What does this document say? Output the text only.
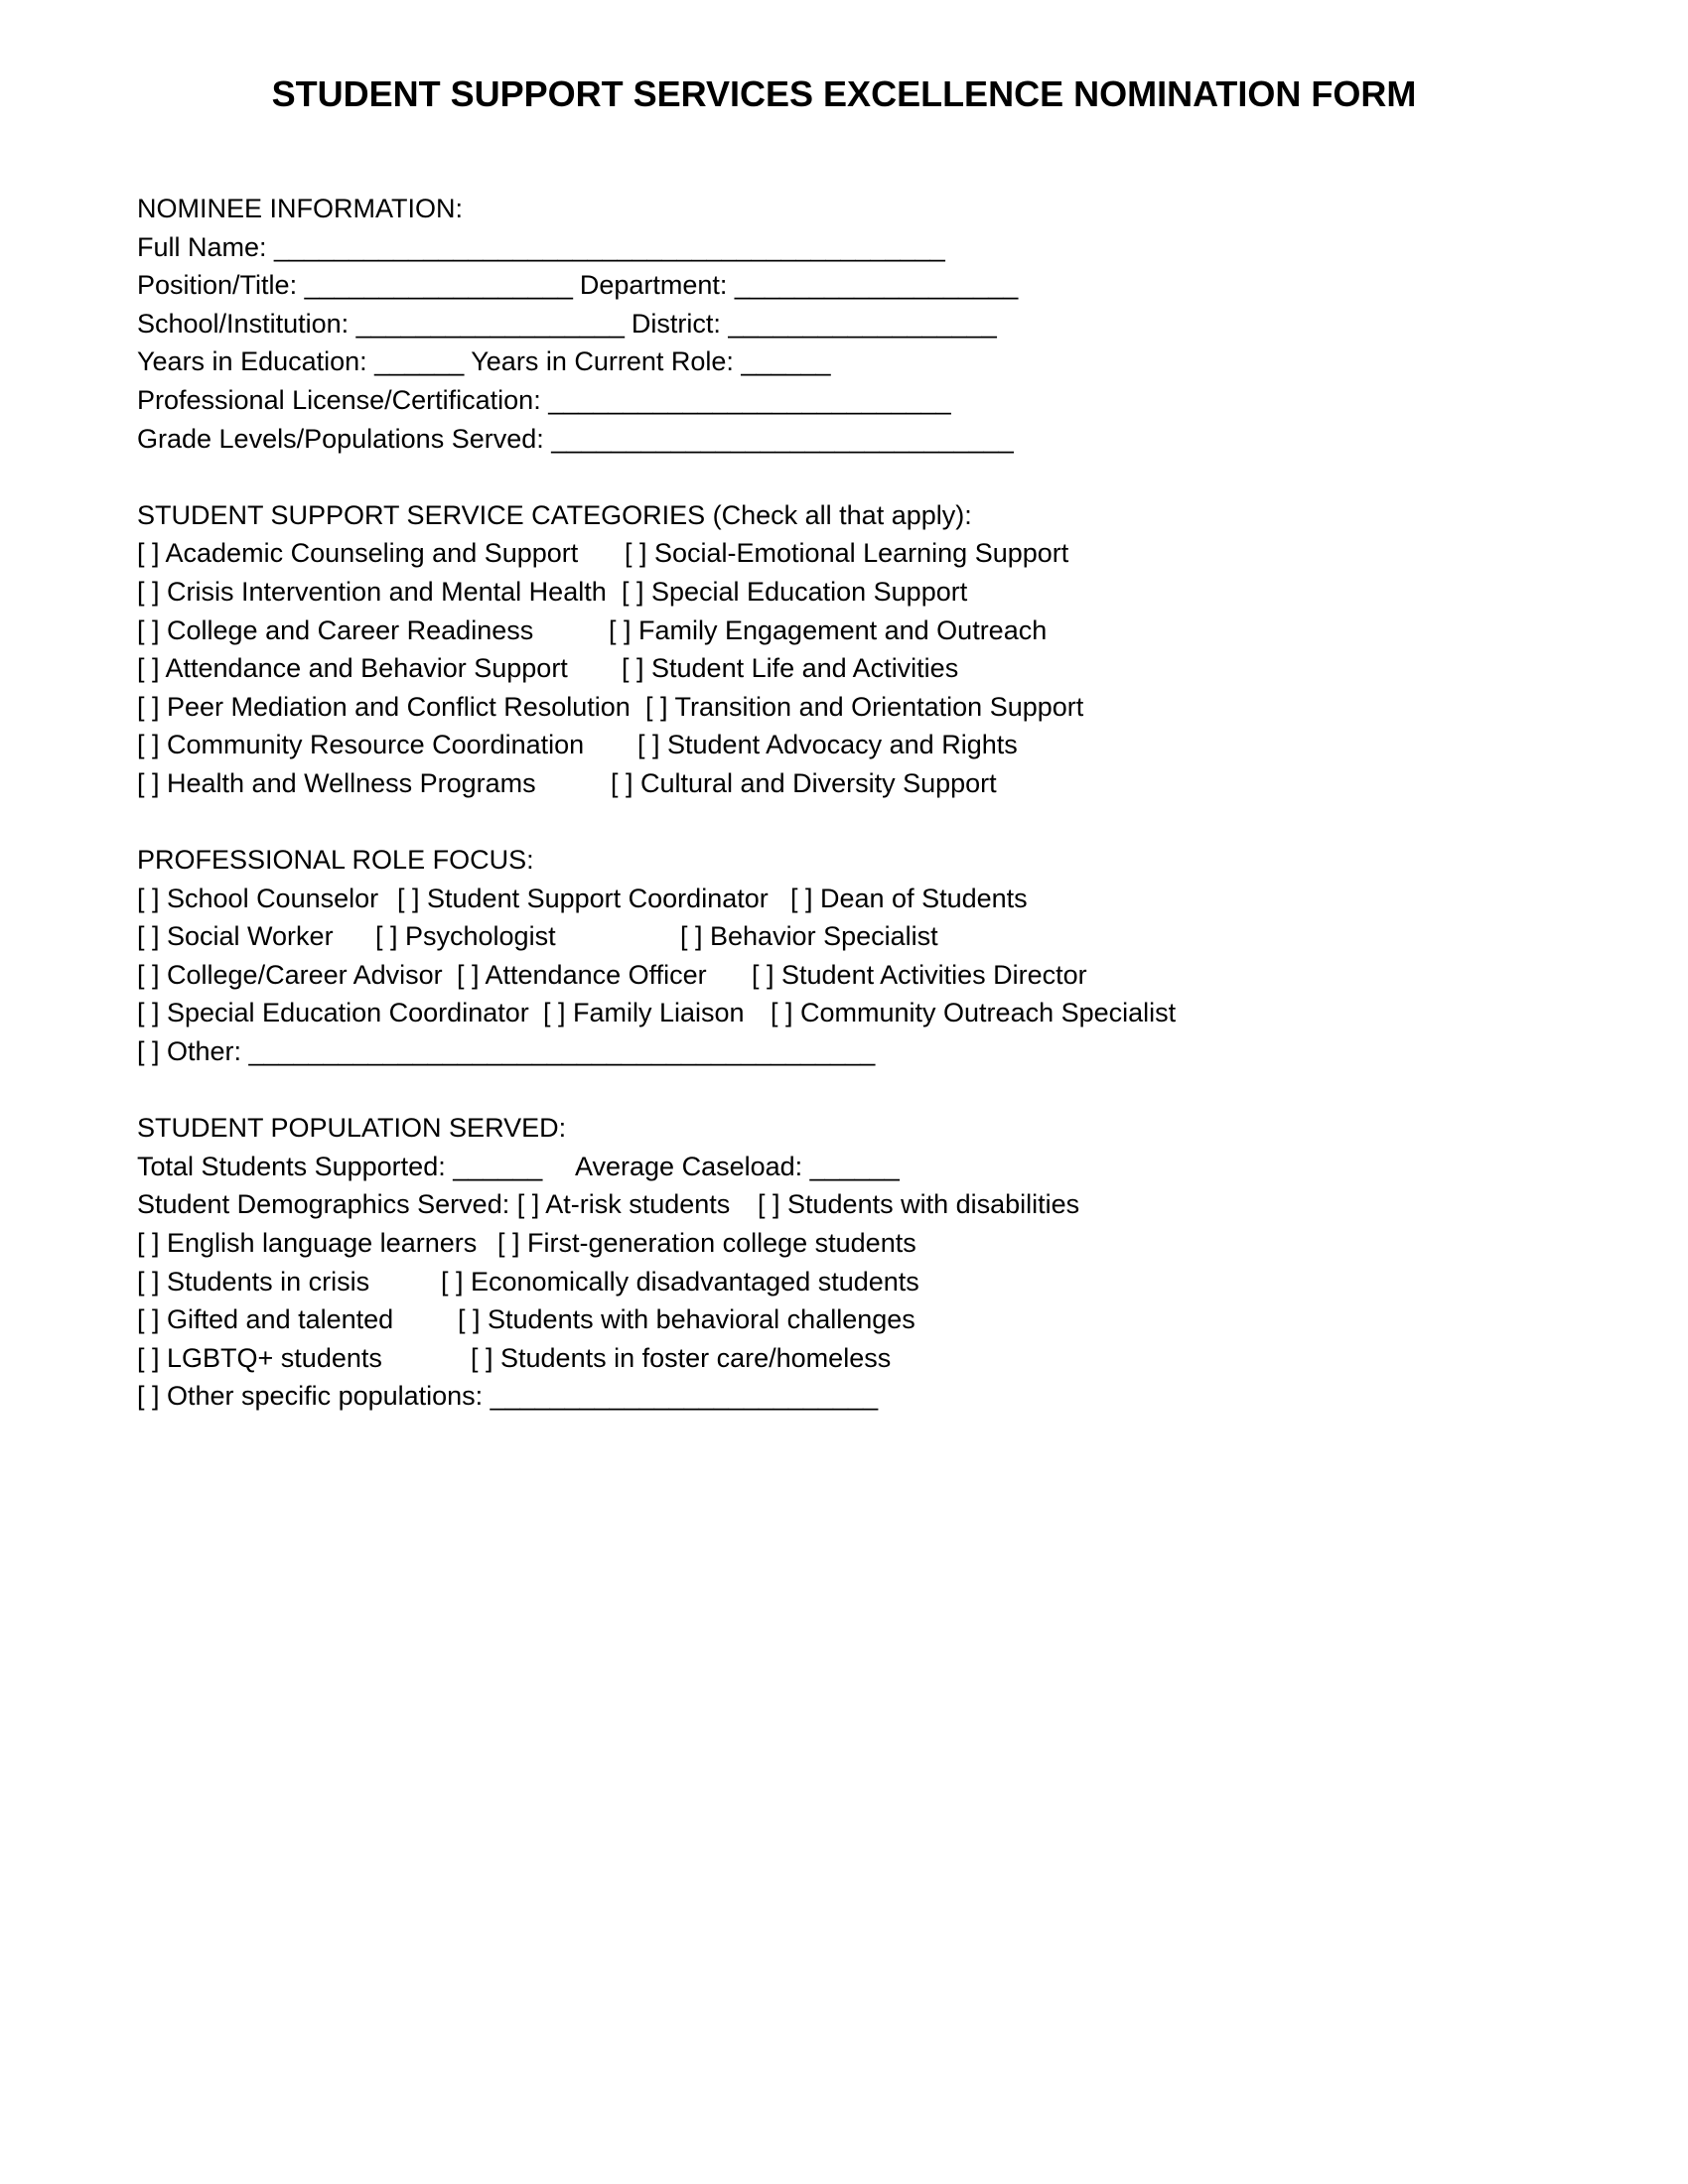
STUDENT SUPPORT SERVICES EXCELLENCE NOMINATION FORM
NOMINEE INFORMATION:
Full Name: _____________________________________________
Position/Title: __________________ Department: ___________________
School/Institution: __________________ District: __________________
Years in Education: ______ Years in Current Role: ______
Professional License/Certification: ___________________________
Grade Levels/Populations Served: _______________________________
STUDENT SUPPORT SERVICE CATEGORIES (Check all that apply):
[ ] Academic Counseling and Support [ ] Social-Emotional Learning Support
[ ] Crisis Intervention and Mental Health [ ] Special Education Support
[ ] College and Career Readiness	[ ] Family Engagement and Outreach
[ ] Attendance and Behavior Support [ ] Student Life and Activities
[ ] Peer Mediation and Conflict Resolution [ ] Transition and Orientation Support
[ ] Community Resource Coordination [ ] Student Advocacy and Rights
[ ] Health and Wellness Programs	[ ] Cultural and Diversity Support
PROFESSIONAL ROLE FOCUS:
[ ] School Counselor [ ] Student Support Coordinator [ ] Dean of Students
[ ] Social Worker [ ] Psychologist	[ ] Behavior Specialist
[ ] College/Career Advisor [ ] Attendance Officer [ ] Student Activities Director
[ ] Special Education Coordinator [ ] Family Liaison [ ] Community Outreach Specialist
[ ] Other: __________________________________________
STUDENT POPULATION SERVED:
Total Students Supported: ______ Average Caseload: ______
Student Demographics Served: [ ] At-risk students [ ] Students with disabilities
[ ] English language learners [ ] First-generation college students
[ ] Students in crisis	[ ] Economically disadvantaged students
[ ] Gifted and talented [ ] Students with behavioral challenges
[ ] LGBTQ+ students	[ ] Students in foster care/homeless
[ ] Other specific populations: __________________________
